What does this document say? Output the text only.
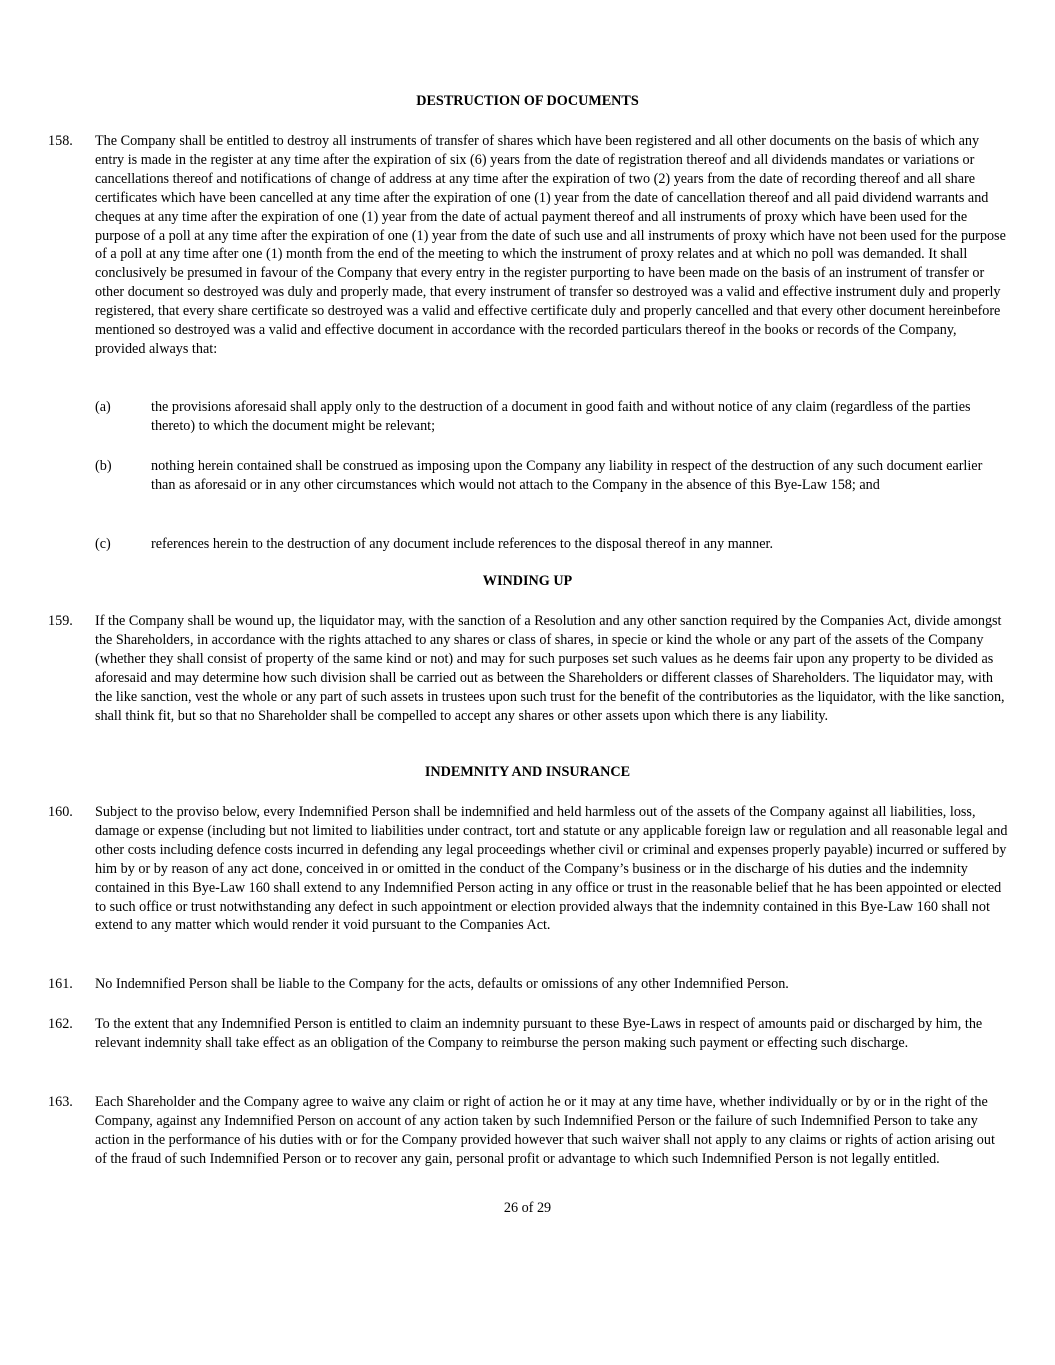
DESTRUCTION OF DOCUMENTS
158. The Company shall be entitled to destroy all instruments of transfer of shares which have been registered and all other documents on the basis of which any entry is made in the register at any time after the expiration of six (6) years from the date of registration thereof and all dividends mandates or variations or cancellations thereof and notifications of change of address at any time after the expiration of two (2) years from the date of recording thereof and all share certificates which have been cancelled at any time after the expiration of one (1) year from the date of cancellation thereof and all paid dividend warrants and cheques at any time after the expiration of one (1) year from the date of actual payment thereof and all instruments of proxy which have been used for the purpose of a poll at any time after the expiration of one (1) year from the date of such use and all instruments of proxy which have not been used for the purpose of a poll at any time after one (1) month from the end of the meeting to which the instrument of proxy relates and at which no poll was demanded. It shall conclusively be presumed in favour of the Company that every entry in the register purporting to have been made on the basis of an instrument of transfer or other document so destroyed was duly and properly made, that every instrument of transfer so destroyed was a valid and effective instrument duly and properly registered, that every share certificate so destroyed was a valid and effective certificate duly and properly cancelled and that every other document hereinbefore mentioned so destroyed was a valid and effective document in accordance with the recorded particulars thereof in the books or records of the Company, provided always that:
(a)	the provisions aforesaid shall apply only to the destruction of a document in good faith and without notice of any claim (regardless of the parties thereto) to which the document might be relevant;
(b)	nothing herein contained shall be construed as imposing upon the Company any liability in respect of the destruction of any such document earlier than as aforesaid or in any other circumstances which would not attach to the Company in the absence of this Bye-Law 158; and
(c)	references herein to the destruction of any document include references to the disposal thereof in any manner.
WINDING UP
159. If the Company shall be wound up, the liquidator may, with the sanction of a Resolution and any other sanction required by the Companies Act, divide amongst the Shareholders, in accordance with the rights attached to any shares or class of shares, in specie or kind the whole or any part of the assets of the Company (whether they shall consist of property of the same kind or not) and may for such purposes set such values as he deems fair upon any property to be divided as aforesaid and may determine how such division shall be carried out as between the Shareholders or different classes of Shareholders. The liquidator may, with the like sanction, vest the whole or any part of such assets in trustees upon such trust for the benefit of the contributories as the liquidator, with the like sanction, shall think fit, but so that no Shareholder shall be compelled to accept any shares or other assets upon which there is any liability.
INDEMNITY AND INSURANCE
160. Subject to the proviso below, every Indemnified Person shall be indemnified and held harmless out of the assets of the Company against all liabilities, loss, damage or expense (including but not limited to liabilities under contract, tort and statute or any applicable foreign law or regulation and all reasonable legal and other costs including defence costs incurred in defending any legal proceedings whether civil or criminal and expenses properly payable) incurred or suffered by him by or by reason of any act done, conceived in or omitted in the conduct of the Company’s business or in the discharge of his duties and the indemnity contained in this Bye-Law 160 shall extend to any Indemnified Person acting in any office or trust in the reasonable belief that he has been appointed or elected to such office or trust notwithstanding any defect in such appointment or election provided always that the indemnity contained in this Bye-Law 160 shall not extend to any matter which would render it void pursuant to the Companies Act.
161. No Indemnified Person shall be liable to the Company for the acts, defaults or omissions of any other Indemnified Person.
162. To the extent that any Indemnified Person is entitled to claim an indemnity pursuant to these Bye-Laws in respect of amounts paid or discharged by him, the relevant indemnity shall take effect as an obligation of the Company to reimburse the person making such payment or effecting such discharge.
163. Each Shareholder and the Company agree to waive any claim or right of action he or it may at any time have, whether individually or by or in the right of the Company, against any Indemnified Person on account of any action taken by such Indemnified Person or the failure of such Indemnified Person to take any action in the performance of his duties with or for the Company provided however that such waiver shall not apply to any claims or rights of action arising out of the fraud of such Indemnified Person or to recover any gain, personal profit or advantage to which such Indemnified Person is not legally entitled.
26 of 29
